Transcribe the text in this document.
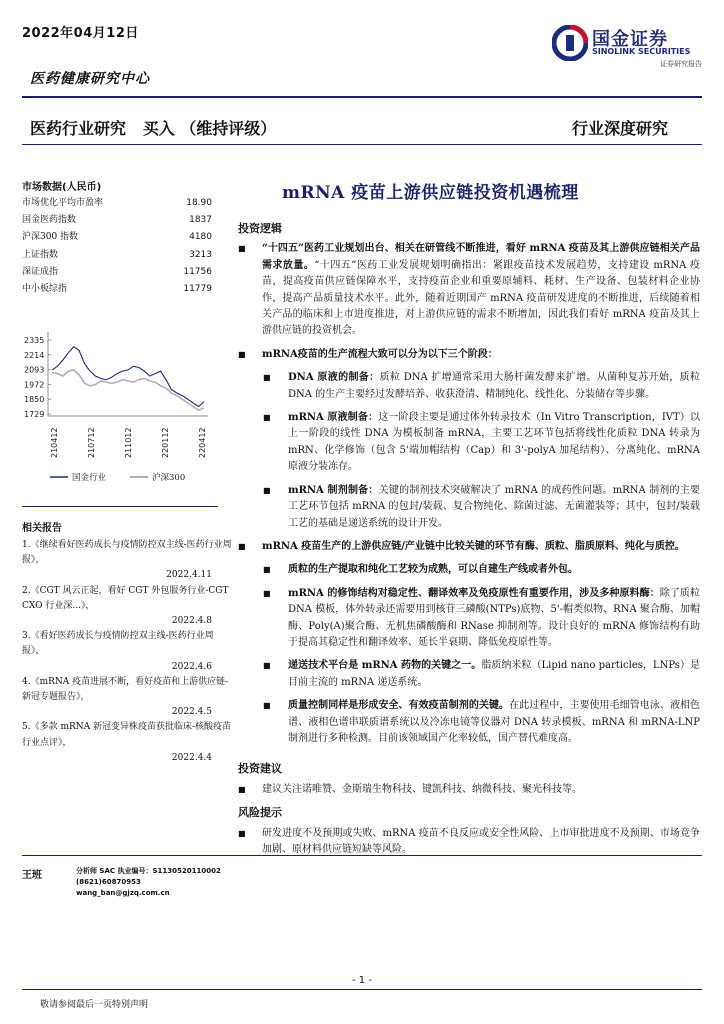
2022年04月12日	国金证券
SINOLINK SECURITIES
证券研究报告
医药健康研究中心
医药行业研究   买入 （维持评级）	行业深度研究
市场数据(人民币)
市场优化平均市盈率	18.90
国金医药指数	1837
沪深300 指数	4180
上证指数	3213
深证成指	11756
中小板综指	11779
2335
2214
2093
1972
1850
1729
210412	210712	211012	220112	220412
国金行业	沪深300
相关报告
1.《继续看好医药成长与疫情防控双主线-医药行业周报》，
2022.4.11
2.《CGT 风云正起，看好 CGT 外包服务行业-CGT CXO 行业深...》，
2022.4.8
3.《看好医药成长与疫情防控双主线-医药行业周报》，
2022.4.6
4.《mRNA 疫苗进展不断，看好疫苗和上游供应链-新冠专题报告》，
2022.4.5
5.《多款 mRNA 新冠变异株疫苗获批临床-核酸疫苗行业点评》，
2022.4.4
王班	分析师 SAC 执业编号：S1130520110002
(8621)60870953
wang_ban@gjzq.com.cn
mRNA 疫苗上游供应链投资机遇梳理
投资逻辑
■ “十四五”医药工业规划出台、相关在研管线不断推进，看好 mRNA 疫苗及其上游供应链相关产品需求放量。“十四五”医药工业发展规划明确指出：紧跟疫苗技术发展趋势，支持建设 mRNA 疫苗，提高疫苗供应链保障水平，支持疫苗企业和重要原辅料、耗材、生产设备、包装材料企业协作，提高产品质量技术水平。此外，随着近期国产 mRNA 疫苗研发进度的不断推进，后续随着相关产品的临床和上市进度推进，对上游供应链的需求不断增加，因此我们看好 mRNA 疫苗及其上游供应链的投资机会。
■ mRNA疫苗的生产流程大致可以分为以下三个阶段：
■ DNA 原液的制备：质粒 DNA 扩增通常采用大肠杆菌发酵来扩增。从菌种复苏开始，质粒 DNA 的生产主要经过发酵培养、收获澄清、精制纯化、线性化、分装储存等步骤。
■ mRNA 原液制备：这一阶段主要是通过体外转录技术（In Vitro Transcription，IVT）以上一阶段的线性 DNA 为模板制备 mRNA，主要工艺环节包括将线性化质粒 DNA 转录为 mRN、化学修饰（包含 5'端加帽结构（Cap）和 3'-polyA 加尾结构）、分离纯化、mRNA 原液分装冻存。
■ mRNA 制剂制备：关键的制剂技术突破解决了 mRNA 的成药性问题。mRNA 制剂的主要工艺环节包括 mRNA 的包封/装载、复合物纯化、除菌过滤、无菌灌装等；其中，包封/装载工艺的基础是递送系统的设计开发。
■ mRNA 疫苗生产的上游供应链/产业链中比较关键的环节有酶、质粒、脂质原料、纯化与质控。
■ 质粒的生产提取和纯化工艺较为成熟，可以自建生产线或者外包。
■ mRNA 的修饰结构对稳定性、翻译效率及免疫原性有重要作用，涉及多种原料酶：除了质粒 DNA 模板，体外转录还需要用到核苷三磷酸(NTPs)底物、5'-帽类似物、RNA 聚合酶、加帽酶、Poly(A)聚合酶、无机焦磷酸酶和 RNase 抑制剂等。设计良好的 mRNA 修饰结构有助于提高其稳定性和翻译效率、延长半衰期、降低免疫原性等。
■ 递送技术平台是 mRNA 药物的关键之一。脂质纳米粒（Lipid nano particles，LNPs）是目前主流的 mRNA 递送系统。
■ 质量控制同样是形成安全、有效疫苗制剂的关键。在此过程中，主要使用毛细管电泳、液相色谱、液相色谱串联质谱系统以及冷冻电镜等仪器对 DNA 转录模板、mRNA 和 mRNA-LNP 制剂进行多种检测。目前该领域国产化率较低，国产替代难度高。
投资建议
■ 建议关注诺唯赞、金斯瑞生物科技、键凯科技、纳微科技、聚光科技等。
风险提示
■ 研发进度不及预期或失败、mRNA 疫苗不良反应或安全性风险、上市审批进度不及预期、市场竞争加剧、原材料供应链短缺等风险。
- 1 -
敬请参阅最后一页特别声明
